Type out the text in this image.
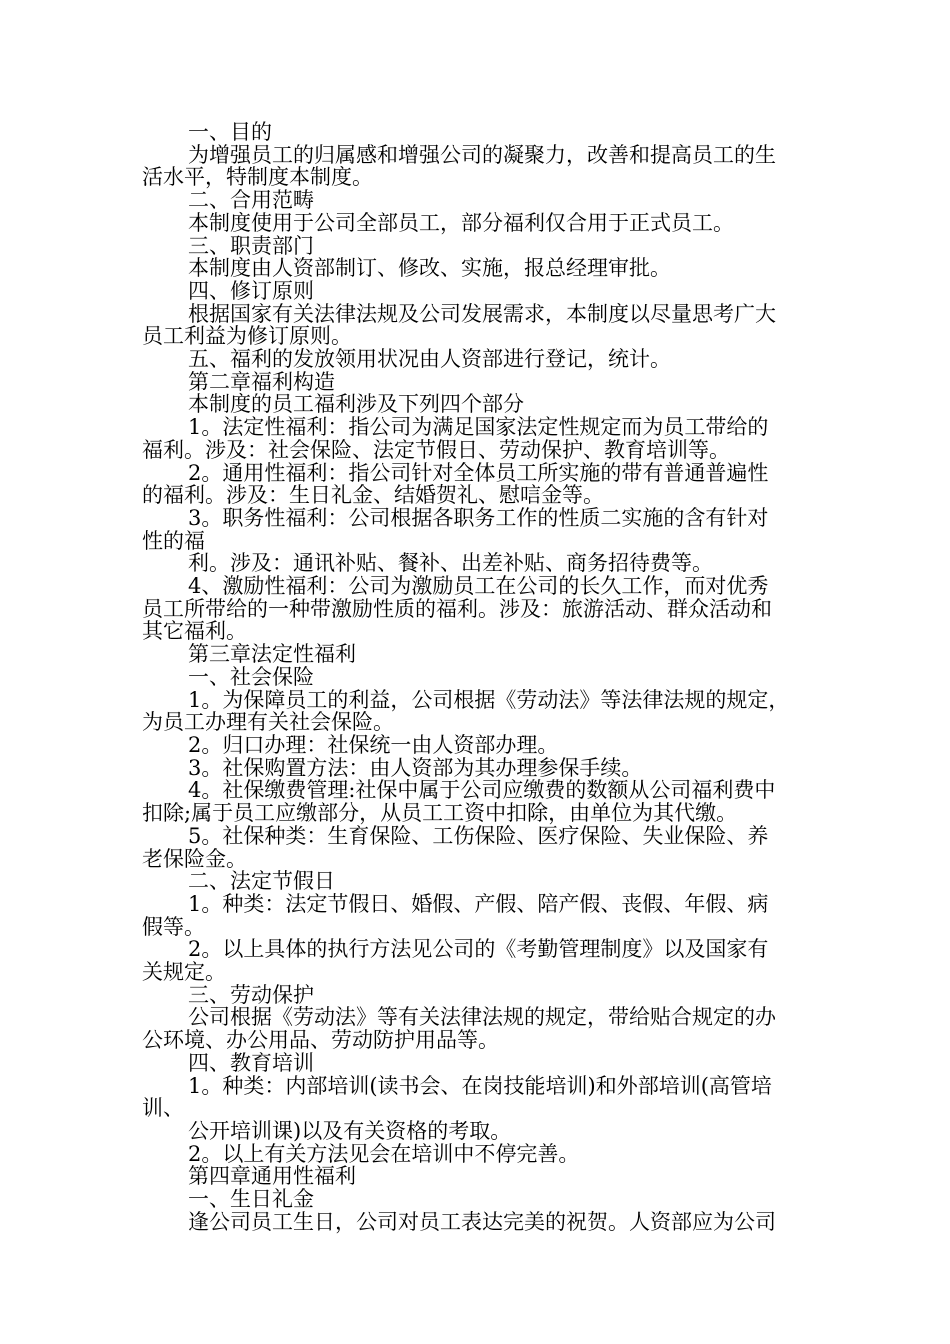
一、目的
为增强员工的归属感和增强公司的凝聚力，改善和提高员工的生
活水平，特制度本制度。
二、合用范畴
本制度使用于公司全部员工，部分福利仅合用于正式员工。
三、职责部门
本制度由人资部制订、修改、实施，报总经理审批。
四、修订原则
根据国家有关法律法规及公司发展需求，本制度以尽量思考广大
员工利益为修订原则。
五、福利的发放领用状况由人资部进行登记，统计。
第二章福利构造
本制度的员工福利涉及下列四个部分
1。法定性福利：指公司为满足国家法定性规定而为员工带给的
福利。涉及：社会保险、法定节假日、劳动保护、教育培训等。
2。通用性福利：指公司针对全体员工所实施的带有普通普遍性
的福利。涉及：生日礼金、结婚贺礼、慰唁金等。
3。职务性福利：公司根据各职务工作的性质二实施的含有针对
性的福
利。涉及：通讯补贴、餐补、出差补贴、商务招待费等。
4、激励性福利：公司为激励员工在公司的长久工作，而对优秀
员工所带给的一种带激励性质的福利。涉及：旅游活动、群众活动和
其它福利。
第三章法定性福利
一、社会保险
1。为保障员工的利益，公司根据《劳动法》等法律法规的规定，
为员工办理有关社会保险。
2。归口办理：社保统一由人资部办理。
3。社保购置方法：由人资部为其办理参保手续。
4。社保缴费管理:社保中属于公司应缴费的数额从公司福利费中
扣除;属于员工应缴部分，从员工工资中扣除，由单位为其代缴。
5。社保种类：生育保险、工伤保险、医疗保险、失业保险、养
老保险金。
二、法定节假日
1。种类：法定节假日、婚假、产假、陪产假、丧假、年假、病
假等。
2。以上具体的执行方法见公司的《考勤管理制度》以及国家有
关规定。
三、劳动保护
公司根据《劳动法》等有关法律法规的规定，带给贴合规定的办
公环境、办公用品、劳动防护用品等。
四、教育培训
1。种类：内部培训(读书会、在岗技能培训)和外部培训(高管培
训、
公开培训课)以及有关资格的考取。
2。以上有关方法见会在培训中不停完善。
第四章通用性福利
一、生日礼金
逢公司员工生日，公司对员工表达完美的祝贺。人资部应为公司
